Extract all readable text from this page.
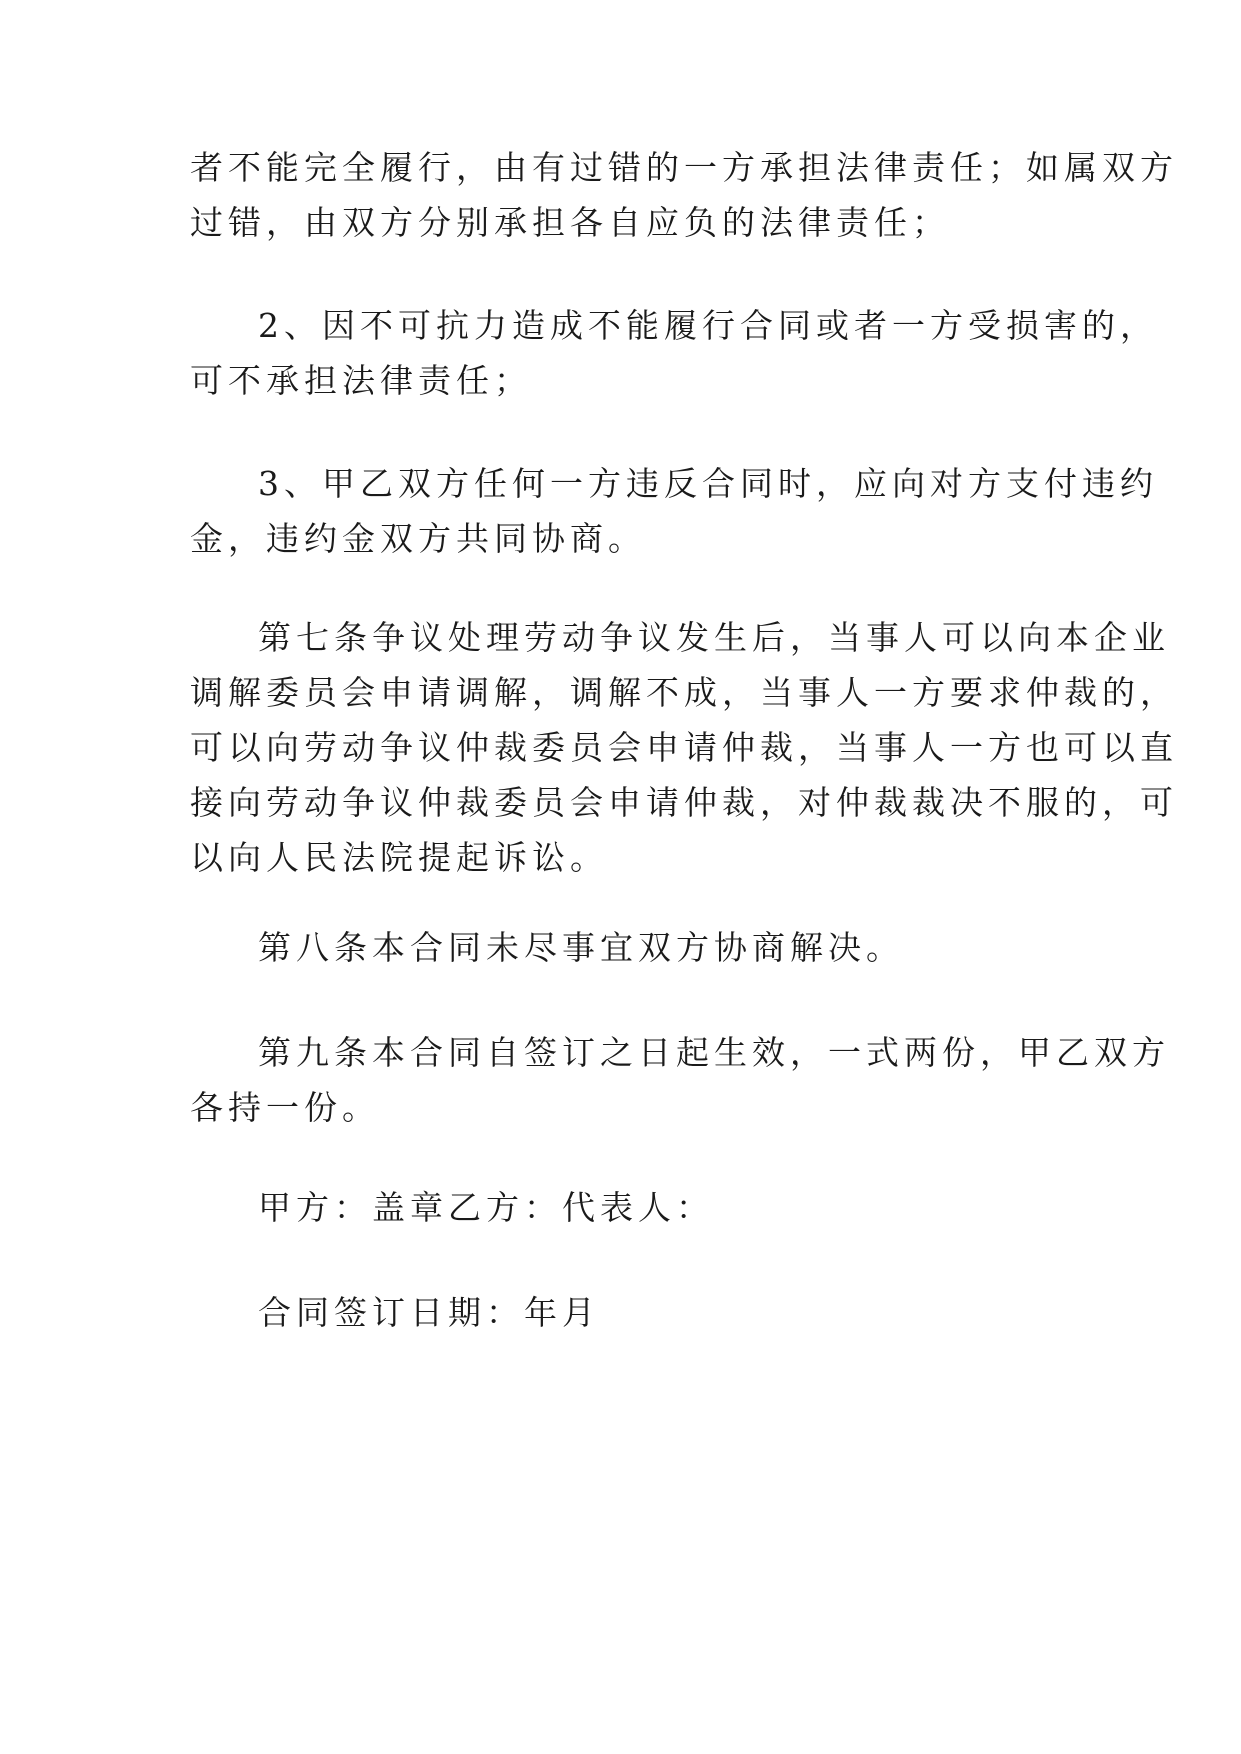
者不能完全履行，由有过错的一方承担法律责任；如属双方
过错，由双方分别承担各自应负的法律责任；
2、因不可抗力造成不能履行合同或者一方受损害的，
可不承担法律责任；
3、甲乙双方任何一方违反合同时，应向对方支付违约
金，违约金双方共同协商。
第七条争议处理劳动争议发生后，当事人可以向本企业
调解委员会申请调解，调解不成，当事人一方要求仲裁的，
可以向劳动争议仲裁委员会申请仲裁，当事人一方也可以直
接向劳动争议仲裁委员会申请仲裁，对仲裁裁决不服的，可
以向人民法院提起诉讼。
第八条本合同未尽事宜双方协商解决。
第九条本合同自签订之日起生效，一式两份，甲乙双方
各持一份。
甲方：盖章乙方：代表人：
合同签订日期：年月
